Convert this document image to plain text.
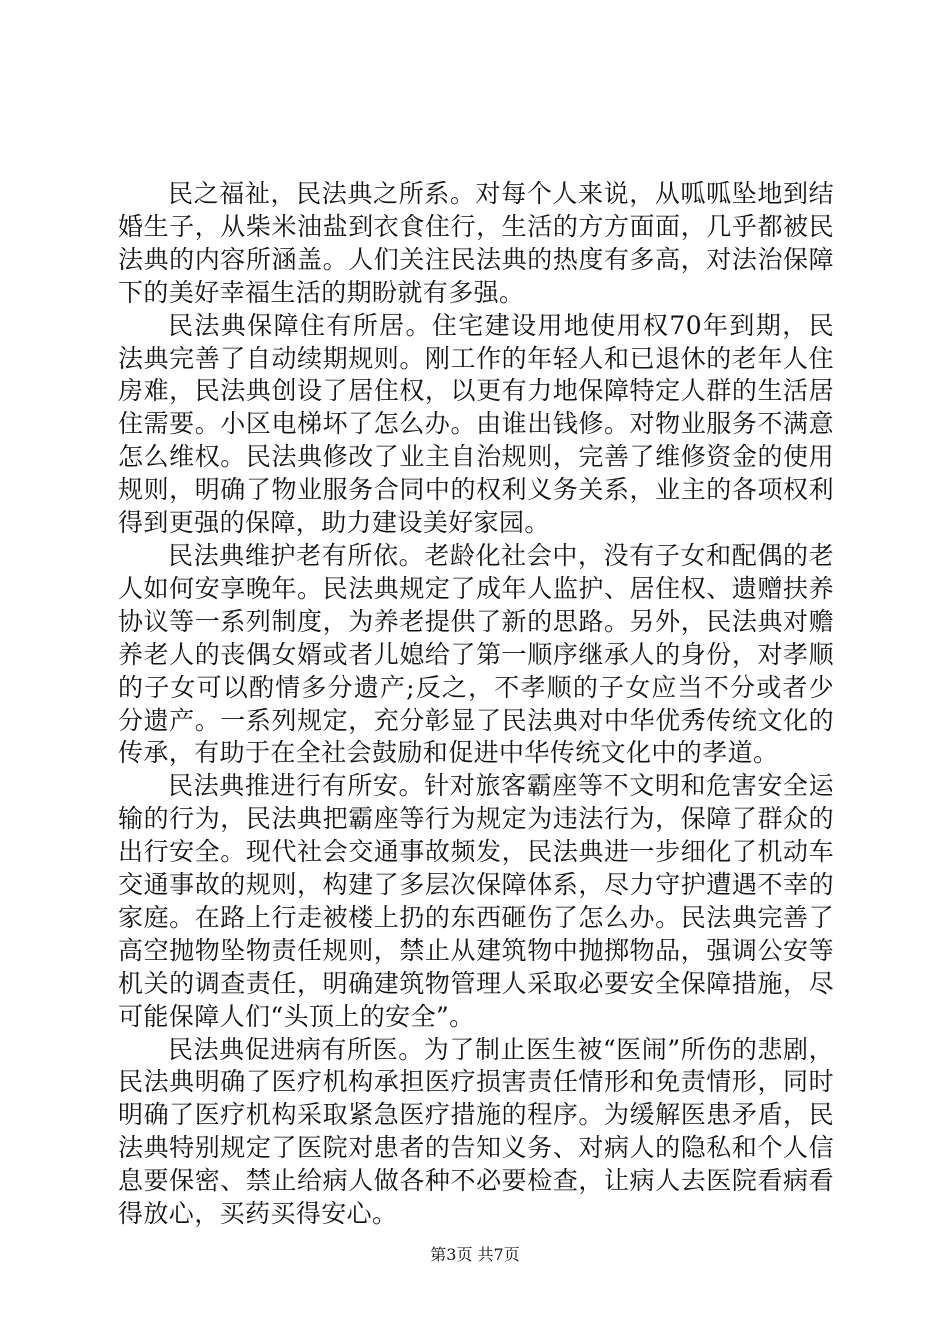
民之福祉，民法典之所系。对每个人来说，从呱呱坠地到结婚生子，从柴米油盐到衣食住行，生活的方方面面，几乎都被民法典的内容所涵盖。人们关注民法典的热度有多高，对法治保障下的美好幸福生活的期盼就有多强。

民法典保障住有所居。住宅建设用地使用权70年到期，民法典完善了自动续期规则。刚工作的年轻人和已退休的老年人住房难，民法典创设了居住权，以更有力地保障特定人群的生活居住需要。小区电梯坏了怎么办。由谁出钱修。对物业服务不满意怎么维权。民法典修改了业主自治规则，完善了维修资金的使用规则，明确了物业服务合同中的权利义务关系，业主的各项权利得到更强的保障，助力建设美好家园。

民法典维护老有所依。老龄化社会中，没有子女和配偶的老人如何安享晚年。民法典规定了成年人监护、居住权、遗赠扶养协议等一系列制度，为养老提供了新的思路。另外，民法典对赡养老人的丧偶女婿或者儿媳给了第一顺序继承人的身份，对孝顺的子女可以酌情多分遗产;反之，不孝顺的子女应当不分或者少分遗产。一系列规定，充分彰显了民法典对中华优秀传统文化的传承，有助于在全社会鼓励和促进中华传统文化中的孝道。

民法典推进行有所安。针对旅客霸座等不文明和危害安全运输的行为，民法典把霸座等行为规定为违法行为，保障了群众的出行安全。现代社会交通事故频发，民法典进一步细化了机动车交通事故的规则，构建了多层次保障体系，尽力守护遭遇不幸的家庭。在路上行走被楼上扔的东西砸伤了怎么办。民法典完善了高空抛物坠物责任规则，禁止从建筑物中抛掷物品，强调公安等机关的调查责任，明确建筑物管理人采取必要安全保障措施，尽可能保障人们“头顶上的安全”。

民法典促进病有所医。为了制止医生被“医闹”所伤的悲剧，民法典明确了医疗机构承担医疗损害责任情形和免责情形，同时明确了医疗机构采取紧急医疗措施的程序。为缓解医患矛盾，民法典特别规定了医院对患者的告知义务、对病人的隐私和个人信息要保密、禁止给病人做各种不必要检查，让病人去医院看病看得放心，买药买得安心。

第3页 共7页
